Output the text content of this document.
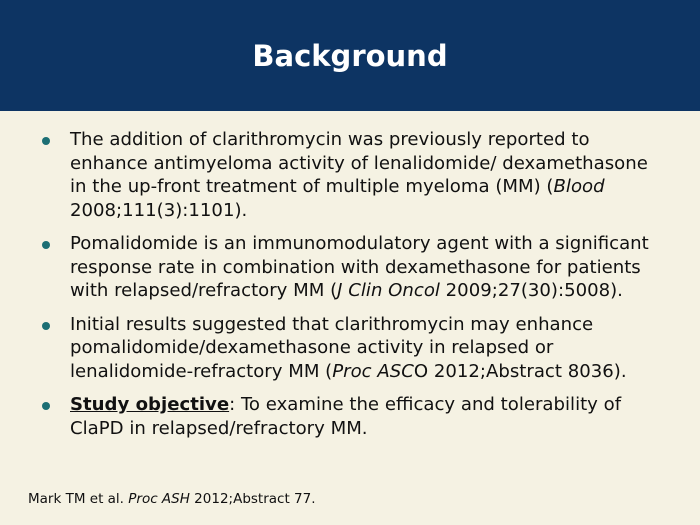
Background
The addition of clarithromycin was previously reported to enhance antimyeloma activity of lenalidomide/ dexamethasone in the up-front treatment of multiple myeloma (MM) (Blood 2008;111(3):1101).
Pomalidomide is an immunomodulatory agent with a significant response rate in combination with dexamethasone for patients with relapsed/refractory MM (J Clin Oncol 2009;27(30):5008).
Initial results suggested that clarithromycin may enhance pomalidomide/dexamethasone activity in relapsed or lenalidomide-refractory MM (Proc ASCO 2012;Abstract 8036).
Study objective: To examine the efficacy and tolerability of ClaPD in relapsed/refractory MM.
Mark TM et al. Proc ASH 2012;Abstract 77.
